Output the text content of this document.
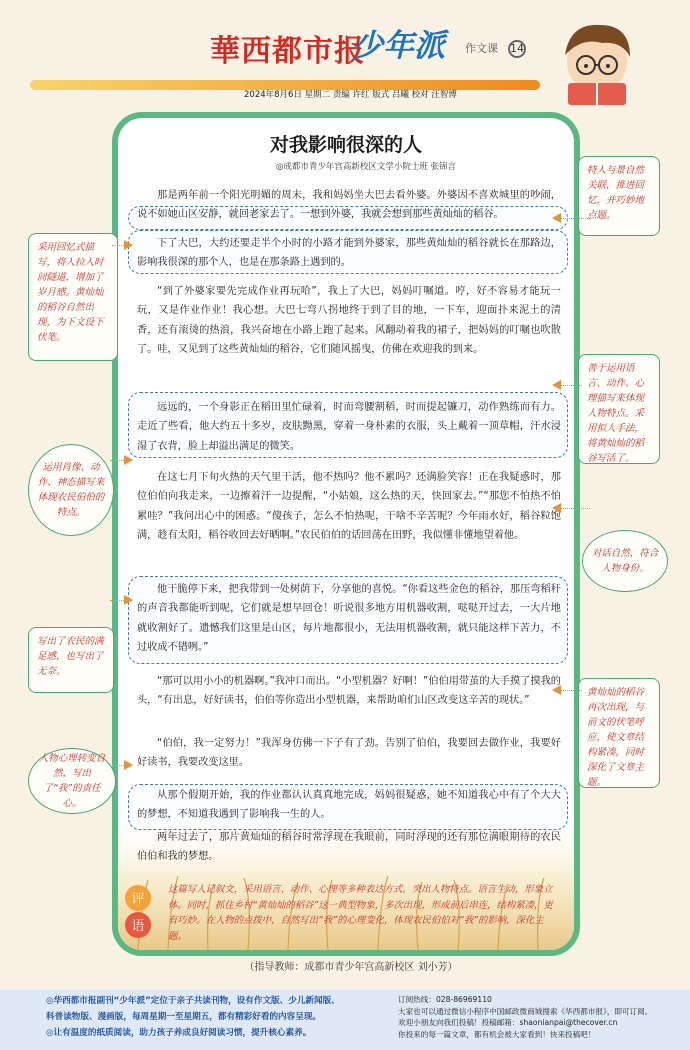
華西都市报
少年派 作文课 14
2024年8月6日 星期二 责编 许红 版式 吕曦 校对 汪智博
对我影响很深的人
◎成都市青少年宫高新校区文学小院士班 张锦言
那是两年前一个阳光明媚的周末，我和妈妈坐大巴去看外婆。外婆因不喜欢城里的吵闹，说不如她山区安静，就回老家去了。一想到外婆，我就会想到那些黄灿灿的稻谷。
下了大巴，大约还要走半个小时的小路才能到外婆家，那些黄灿灿的稻谷就长在那路边，影响我很深的那个人，也是在那条路上遇到的。
“到了外婆家要先完成作业再玩哈”，我上了大巴，妈妈叮嘱道。哼，好不容易才能玩一玩，又是作业作业！我心想。大巴七弯八拐地终于到了目的地，一下车，迎面扑来泥土的清香，还有滚烫的热浪，我兴奋地在小路上跑了起来。风翻动着我的裙子，把妈妈的叮嘱也吹散了。哇，又见到了这些黄灿灿的稻谷，它们随风摇曳，仿佛在欢迎我的到来。
远远的，一个身影正在稻田里忙碌着，时而弯腰割稻，时而提起镰刀，动作熟练而有力。走近了些看，他大约五十多岁，皮肤黝黑，穿着一身朴素的衣服，头上戴着一顶草帽，汗水浸湿了衣背，脸上却溢出满足的微笑。
在这七月下旬火热的天气里干活，他不热吗？他不累吗？还满脸笑容！正在我疑惑时，那位伯伯向我走来，一边擦着汗一边提醒，“小姑娘，这么热的天，快回家去。”“那您不怕热不怕累哇？”我问出心中的困惑。“傻孩子，怎么不怕热呢，干啥不辛苦呢？今年雨水好，稻谷粒饱满，趁有太阳，稻谷收回去好晒啊。”农民伯伯的话回荡在田野，我似懂非懂地望着他。
他干脆停下来，把我带到一处树荫下，分享他的喜悦。“你看这些金色的稻谷，那压弯稻秆的声音我都能听到呢，它们就是想早回仓！听说很多地方用机器收割，哒哒开过去，一大片地就收割好了。遗憾我们这里是山区，每片地都很小，无法用机器收割，就只能这样下苦力，不过收成不错咧。”
“那可以用小小的机器啊。”我冲口而出。“小型机器？好啊！”伯伯用带茧的大手摸了摸我的头，“有出息，好好读书，伯伯等你造出小型机器，来帮助咱们山区改变这辛苦的现状。”
“伯伯，我一定努力！”我浑身仿佛一下子有了劲。告别了伯伯，我要回去做作业，我要好好读书，我要改变这里。
从那个假期开始，我的作业都认认真真地完成，妈妈很疑惑，她不知道我心中有了个大大的梦想，不知道我遇到了影响我一生的人。
两年过去了，那片黄灿灿的稻谷时常浮现在我眼前，同时浮现的还有那位满眼期待的农民伯伯和我的梦想。
特人与景自然关联，推进回忆，并巧妙地点题。
采用回忆式描写，将人拉入时间隧道，增加了岁月感。黄灿灿的稻谷自然出现，为下文设下伏笔。
善于运用语言、动作、心理描写来体现人物特点。采用拟人手法，将黄灿灿的稻谷写活了。
运用肖像、动作、神态描写来体现农民伯伯的特点。
对话自然，符合人物身份。
写出了农民的满足感，也写出了无奈。
黄灿灿的稻谷再次出现，与前文的伏笔呼应，使文章结构紧凑，同时深化了文章主题。
人物心理转变自然，写出了“我”的责任心。
评
语
这篇写人记叙文，采用语言、动作、心理等多种表达方式，突出人物特点。语言生动，形象立体。同时，抓住乡村“黄灿灿的稻谷”这一典型物象，多次出现，形成前后串连，结构紧凑，更有巧妙。在人物的点拨中，自然写出“我”的心理变化，体现农民伯伯对“我”的影响，深化主题。
（指导教师：成都市青少年宫高新校区 刘小芳）
◎华西都市报副刊“少年派”定位于亲子共读刊物，设有作文版、少儿新闻版、
科普读物版、漫画版，每周星期一至星期五，都有精彩好看的内容呈现。
◎让有温度的纸质阅读，助力孩子养成良好阅读习惯，提升核心素养。
订阅热线：028-86969110
大家也可以通过微信小程序中国邮政微商城搜索《华西都市报》，即可订阅。
欢迎小朋友向我们投稿！投稿邮箱：shaonianpai@thecover.cn
你投来的每一篇文章，都有机会被大家看到！快来投稿吧！
